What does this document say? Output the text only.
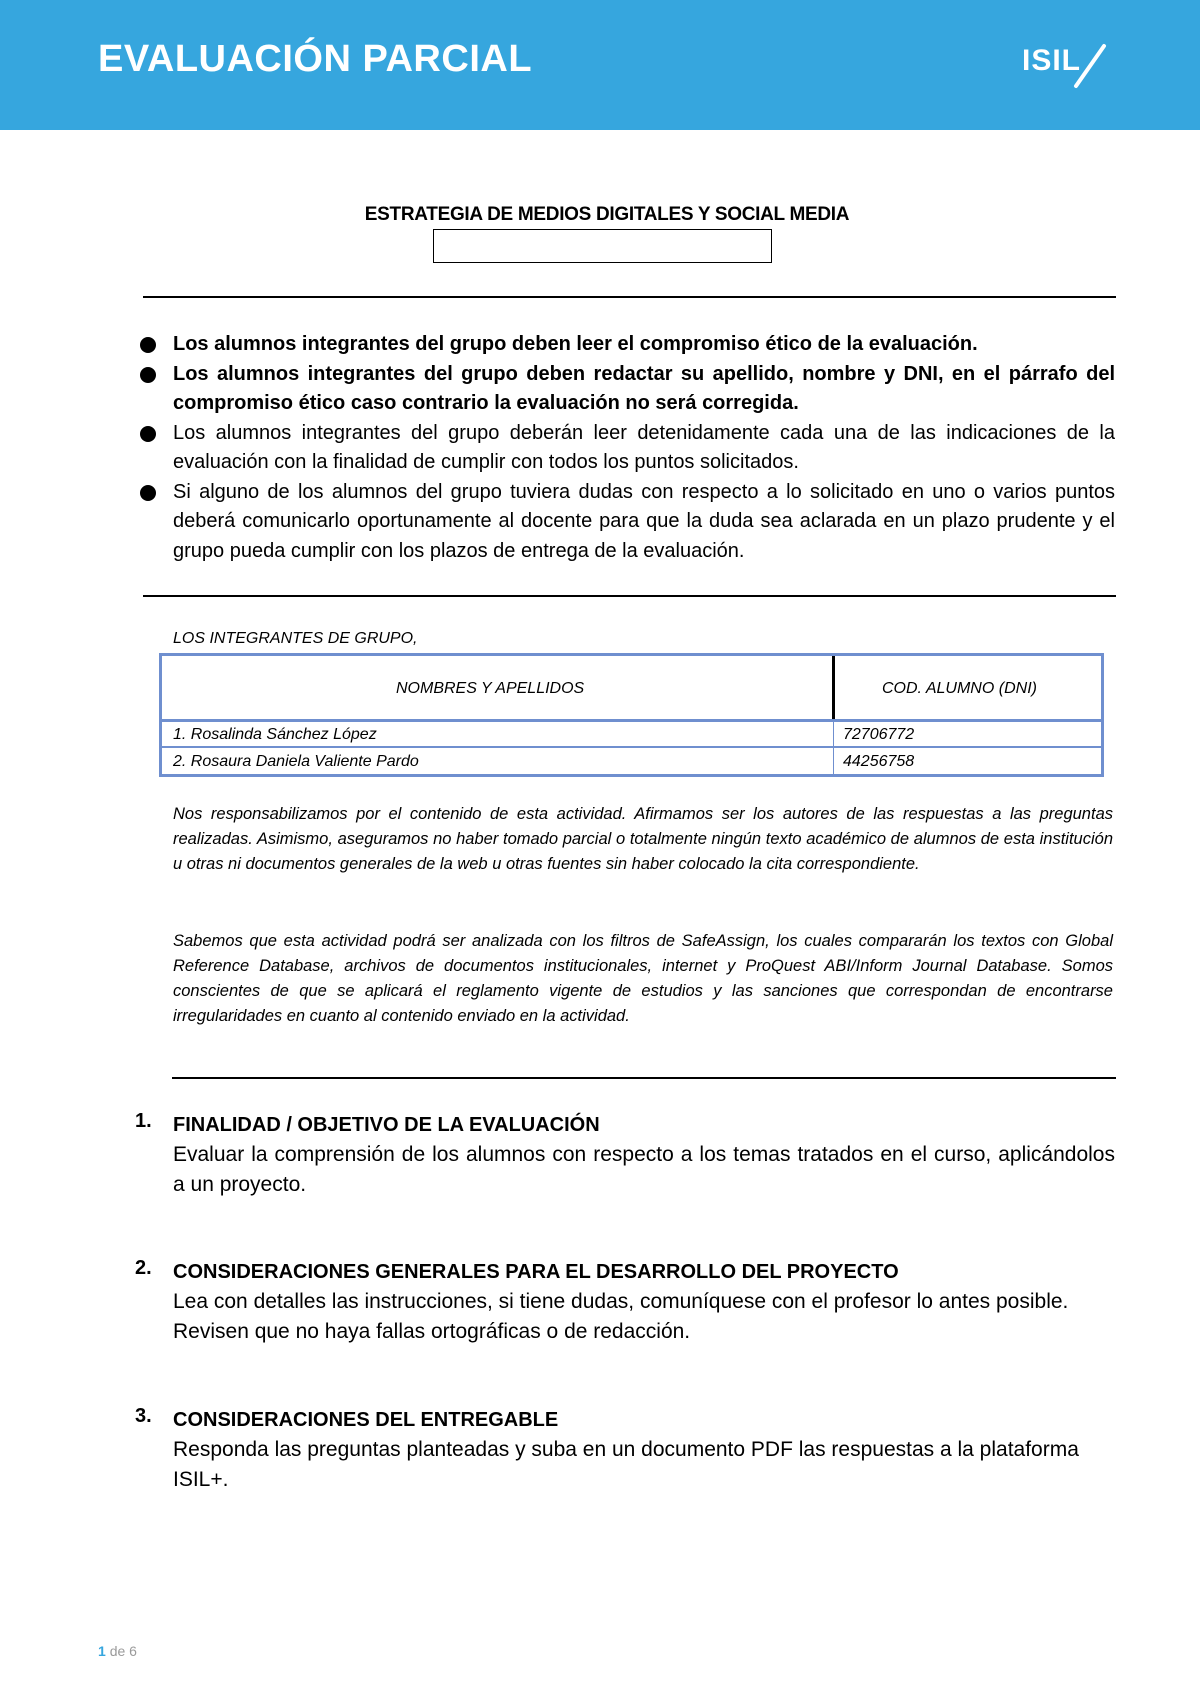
EVALUACIÓN PARCIAL	ISIL
ESTRATEGIA DE MEDIOS DIGITALES Y SOCIAL MEDIA
Los alumnos integrantes del grupo deben leer el compromiso ético de la evaluación.
Los alumnos integrantes del grupo deben redactar su apellido, nombre y DNI, en el párrafo del compromiso ético caso contrario la evaluación no será corregida.
Los alumnos integrantes del grupo deberán leer detenidamente cada una de las indicaciones de la evaluación con la finalidad de cumplir con todos los puntos solicitados.
Si alguno de los alumnos del grupo tuviera dudas con respecto a lo solicitado en uno o varios puntos deberá comunicarlo oportunamente al docente para que la duda sea aclarada en un plazo prudente y el grupo pueda cumplir con los plazos de entrega de la evaluación.
LOS INTEGRANTES DE GRUPO,
NOMBRES Y APELLIDOS	COD. ALUMNO (DNI)
1. Rosalinda Sánchez López	72706772
2. Rosaura Daniela Valiente Pardo	44256758
Nos responsabilizamos por el contenido de esta actividad. Afirmamos ser los autores de las respuestas a las preguntas realizadas. Asimismo, aseguramos no haber tomado parcial o totalmente ningún texto académico de alumnos de esta institución u otras ni documentos generales de la web u otras fuentes sin haber colocado la cita correspondiente.
Sabemos que esta actividad podrá ser analizada con los filtros de SafeAssign, los cuales compararán los textos con Global Reference Database, archivos de documentos institucionales, internet y ProQuest ABI/Inform Journal Database. Somos conscientes de que se aplicará el reglamento vigente de estudios y las sanciones que correspondan de encontrarse irregularidades en cuanto al contenido enviado en la actividad.
1. FINALIDAD / OBJETIVO DE LA EVALUACIÓN
Evaluar la comprensión de los alumnos con respecto a los temas tratados en el curso, aplicándolos a un proyecto.
2. CONSIDERACIONES GENERALES PARA EL DESARROLLO DEL PROYECTO
Lea con detalles las instrucciones, si tiene dudas, comuníquese con el profesor lo antes posible.
Revisen que no haya fallas ortográficas o de redacción.
3. CONSIDERACIONES DEL ENTREGABLE
Responda las preguntas planteadas y suba en un documento PDF las respuestas a la plataforma ISIL+.
1 de 6
